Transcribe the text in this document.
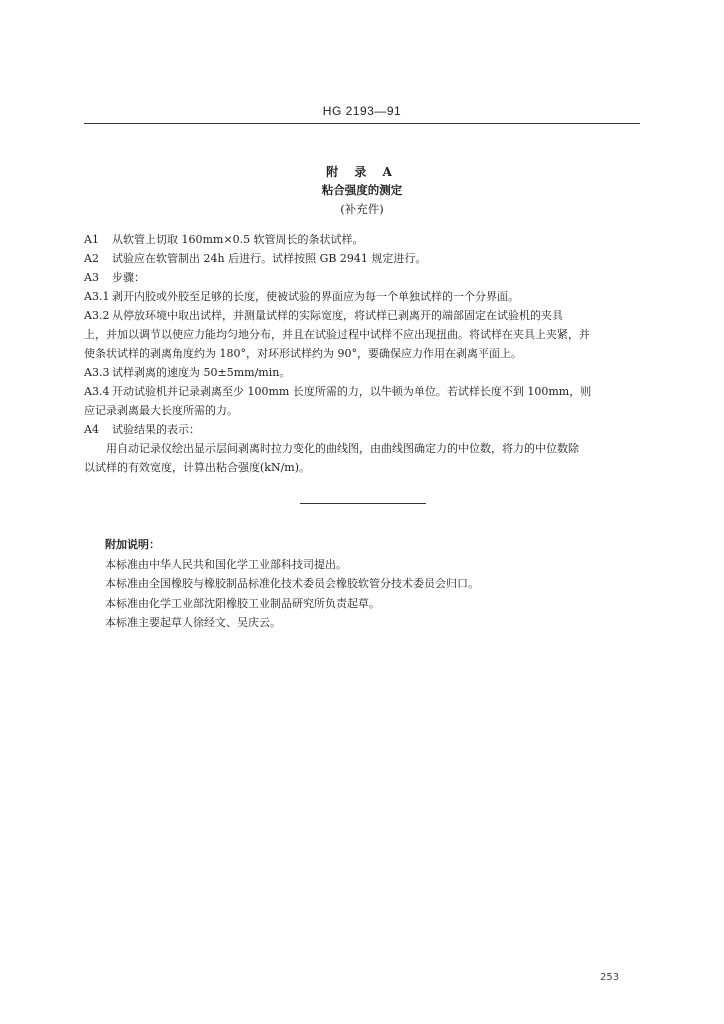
HG 2193—91
附 录 A
粘合强度的测定
(补充件)
A1 从软管上切取 160mm×0.5 软管周长的条状试样。
A2 试验应在软管制出 24h 后进行。试样按照 GB 2941 规定进行。
A3 步骤：
A3.1 剥开内胶或外胶至足够的长度，使被试验的界面应为每一个单独试样的一个分界面。
A3.2 从停放环境中取出试样，并测量试样的实际宽度，将试样已剥离开的端部固定在试验机的夹具
上，并加以调节以使应力能均匀地分布，并且在试验过程中试样不应出现扭曲。将试样在夹具上夹紧，并
使条状试样的剥离角度约为 180°，对环形试样约为 90°，要确保应力作用在剥离平面上。
A3.3 试样剥离的速度为 50±5mm/min。
A3.4 开动试验机并记录剥离至少 100mm 长度所需的力，以牛顿为单位。若试样长度不到 100mm，则
应记录剥离最大长度所需的力。
A4 试验结果的表示：
用自动记录仪绘出显示层间剥离时拉力变化的曲线图，由曲线图确定力的中位数，将力的中位数除
以试样的有效宽度，计算出粘合强度(kN/m)。
附加说明：
本标准由中华人民共和国化学工业部科技司提出。
本标准由全国橡胶与橡胶制品标准化技术委员会橡胶软管分技术委员会归口。
本标准由化学工业部沈阳橡胶工业制品研究所负责起草。
本标准主要起草人徐经文、吴庆云。
253
